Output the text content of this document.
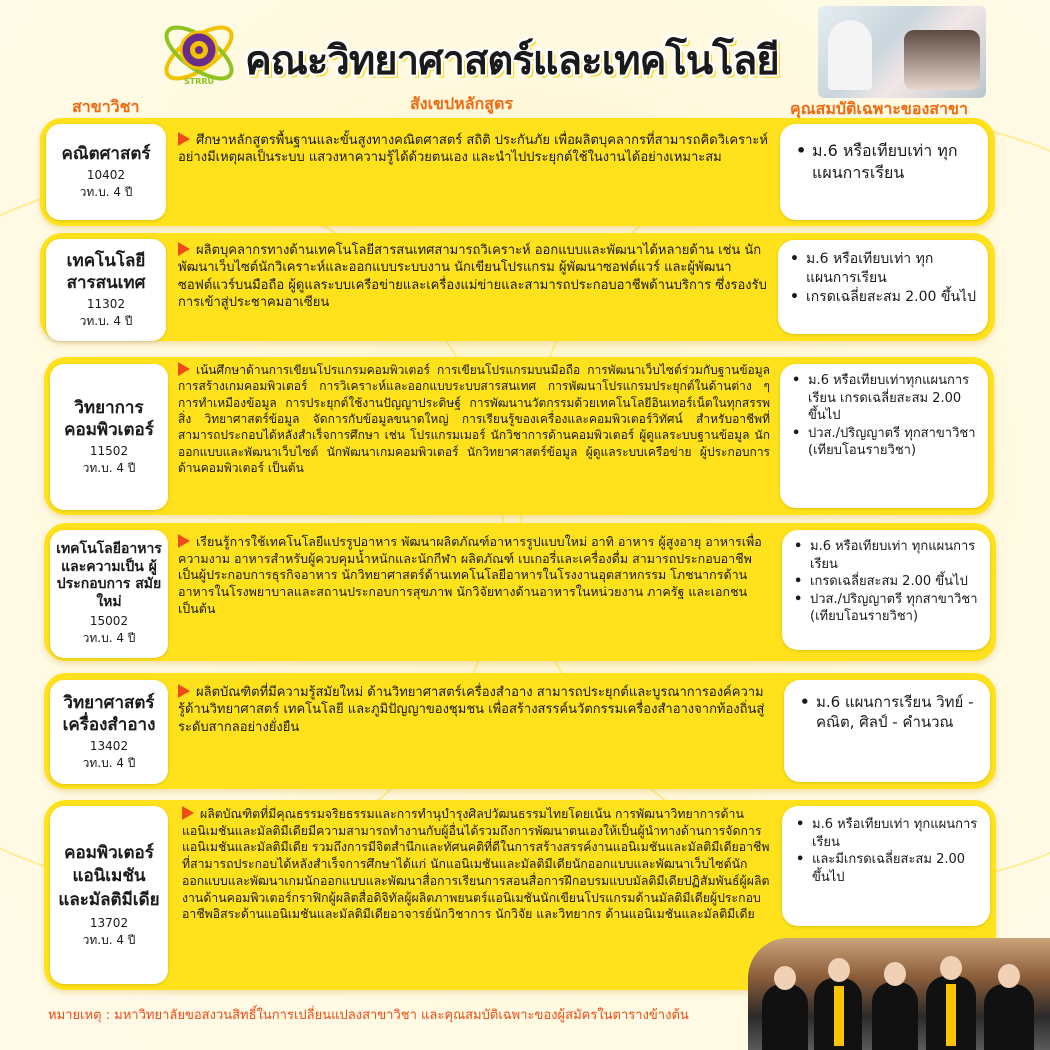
STRRU คณะวิทยาศาสตร์และเทคโนโลยี
สาขาวิชา	สังเขปหลักสูตร	คุณสมบัติเฉพาะของสาขา
คณิตศาสตร์
10402
วท.บ. 4 ปี

ศึกษาหลักสูตรพื้นฐานและขั้นสูงทางคณิตศาสตร์ สถิติ ประกันภัย เพื่อผลิตบุคลากรที่สามารถคิดวิเคราะห์อย่างมีเหตุผลเป็นระบบ แสวงหาความรู้ได้ด้วยตนเอง และนำไปประยุกต์ใช้ในงานได้อย่างเหมาะสม

•	ม.6 หรือเทียบเท่า ทุกแผนการเรียน
เทคโนโลยี สารสนเทศ
11302
วท.บ. 4 ปี

ผลิตบุคลากรทางด้านเทคโนโลยีสารสนเทศสามารถวิเคราะห์ ออกแบบและพัฒนาได้หลายด้าน เช่น นักพัฒนาเว็บไซต์นักวิเคราะห์และออกแบบระบบงาน นักเขียนโปรแกรม ผู้พัฒนาซอฟต์แวร์ และผู้พัฒนาซอฟต์แวร์บนมือถือ ผู้ดูแลระบบเครือข่ายและเครื่องแม่ข่ายและสามารถประกอบอาชีพด้านบริการ ซึ่งรองรับการเข้าสู่ประชาคมอาเซียน

• ม.6 หรือเทียบเท่า ทุกแผนการเรียน
• เกรดเฉลี่ยสะสม 2.00 ขึ้นไป
วิทยาการ คอมพิวเตอร์
11502
วท.บ. 4 ปี

เน้นศึกษาด้านการเขียนโปรแกรมคอมพิวเตอร์ การเขียนโปรแกรมบนมือถือ การพัฒนาเว็บไซต์ร่วมกับฐานข้อมูล การสร้างเกมคอมพิวเตอร์ การวิเคราะห์และออกแบบระบบสารสนเทศ การพัฒนาโปรแกรมประยุกต์ในด้านต่าง ๆ การทำเหมืองข้อมูล การประยุกต์ใช้งานปัญญาประดิษฐ์ การพัฒนานวัตกรรมด้วยเทคโนโลยีอินเทอร์เน็ตในทุกสรรพสิ่ง วิทยาศาสตร์ข้อมูล จัดการกับข้อมูลขนาดใหญ่ การเรียนรู้ของเครื่องและคอมพิวเตอร์วิทัศน์ สำหรับอาชีพที่สามารถประกอบได้หลังสำเร็จการศึกษา เช่น โปรแกรมเมอร์ นักวิชาการด้านคอมพิวเตอร์ ผู้ดูแลระบบฐานข้อมูล นักออกแบบและพัฒนาเว็บไซต์ นักพัฒนาเกมคอมพิวเตอร์ นักวิทยาศาสตร์ข้อมูล ผู้ดูแลระบบเครือข่าย ผู้ประกอบการด้านคอมพิวเตอร์ เป็นต้น

• ม.6 หรือเทียบเท่าทุกแผนการเรียน เกรดเฉลี่ยสะสม 2.00 ขึ้นไป
• ปวส./ปริญญาตรี ทุกสาขาวิชา (เทียบโอนรายวิชา)
เทคโนโลยีอาหาร และความเป็น ผู้ประกอบการ สมัยใหม่
15002
วท.บ. 4 ปี

เรียนรู้การใช้เทคโนโลยีแปรรูปอาหาร พัฒนาผลิตภัณฑ์อาหารรูปแบบใหม่ อาทิ อาหาร ผู้สูงอายุ อาหารเพื่อความงาม อาหารสำหรับผู้ควบคุมน้ำหนักและนักกีฬา ผลิตภัณฑ์ เบเกอรี่และเครื่องดื่ม สามารถประกอบอาชีพเป็นผู้ประกอบการธุรกิจอาหาร นักวิทยาศาสตร์ด้านเทคโนโลยีอาหารในโรงงานอุตสาหกรรม โภชนากรด้านอาหารในโรงพยาบาลและสถานประกอบการสุขภาพ นักวิจัยทางด้านอาหารในหน่วยงาน ภาครัฐ และเอกชน เป็นต้น

• ม.6 หรือเทียบเท่า ทุกแผนการเรียน
• เกรดเฉลี่ยสะสม 2.00 ขึ้นไป
• ปวส./ปริญญาตรี ทุกสาขาวิชา (เทียบโอนรายวิชา)
วิทยาศาสตร์ เครื่องสำอาง
13402
วท.บ. 4 ปี

ผลิตบัณฑิตที่มีความรู้สมัยใหม่ ด้านวิทยาศาสตร์เครื่องสำอาง สามารถประยุกต์และบูรณาการองค์ความรู้ด้านวิทยาศาสตร์ เทคโนโลยี และภูมิปัญญาของชุมชน เพื่อสร้างสรรค์นวัตกรรมเครื่องสำอางจากท้องถิ่นสู่ระดับสากลอย่างยั่งยืน

• ม.6 แผนการเรียน วิทย์ - คณิต, ศิลป์ - คำนวณ
คอมพิวเตอร์ แอนิเมชัน และมัลติมีเดีย
13702
วท.บ. 4 ปี

ผลิตบัณฑิตที่มีคุณธรรมจริยธรรมและการทำนุบำรุงศิลปวัฒนธรรมไทยโดยเน้น การพัฒนาวิทยาการด้านแอนิเมชันและมัลติมีเดียมีความสามารถทำงานกับผู้อื่นได้รวมถึงการพัฒนาตนเองให้เป็นผู้นำทางด้านการจัดการแอนิเมชันและมัลติมีเดีย รวมถึงการมีจิตสำนึกและทัศนคติที่ดีในการสร้างสรรค์งานแอนิเมชันและมัลติมีเดียอาชีพที่สามารถประกอบได้หลังสำเร็จการศึกษาได้แก่ นักแอนิเมชันและมัลติมีเดียนักออกแบบและพัฒนาเว็บไซต์นักออกแบบและพัฒนาเกมนักออกแบบและพัฒนาสื่อการเรียนการสอนสื่อการฝึกอบรมแบบมัลติมีเดียปฏิสัมพันธ์ผู้ผลิตงานด้านคอมพิวเตอร์กราฟิกผู้ผลิตสื่อดิจิทัลผู้ผลิตภาพยนตร์แอนิเมชันนักเขียนโปรแกรมด้านมัลติมีเดียผู้ประกอบอาชีพอิสระด้านแอนิเมชันและมัลติมีเดียอาจารย์นักวิชาการ นักวิจัย และวิทยากร ด้านแอนิเมชันและมัลติมีเดีย

• ม.6 หรือเทียบเท่า ทุกแผนการเรียน
• และมีเกรดเฉลี่ยสะสม 2.00 ขึ้นไป

หมายเหตุ : มหาวิทยาลัยขอสงวนสิทธิ์ในการเปลี่ยนแปลงสาขาวิชา และคุณสมบัติเฉพาะของผู้สมัครในตารางข้างต้น
